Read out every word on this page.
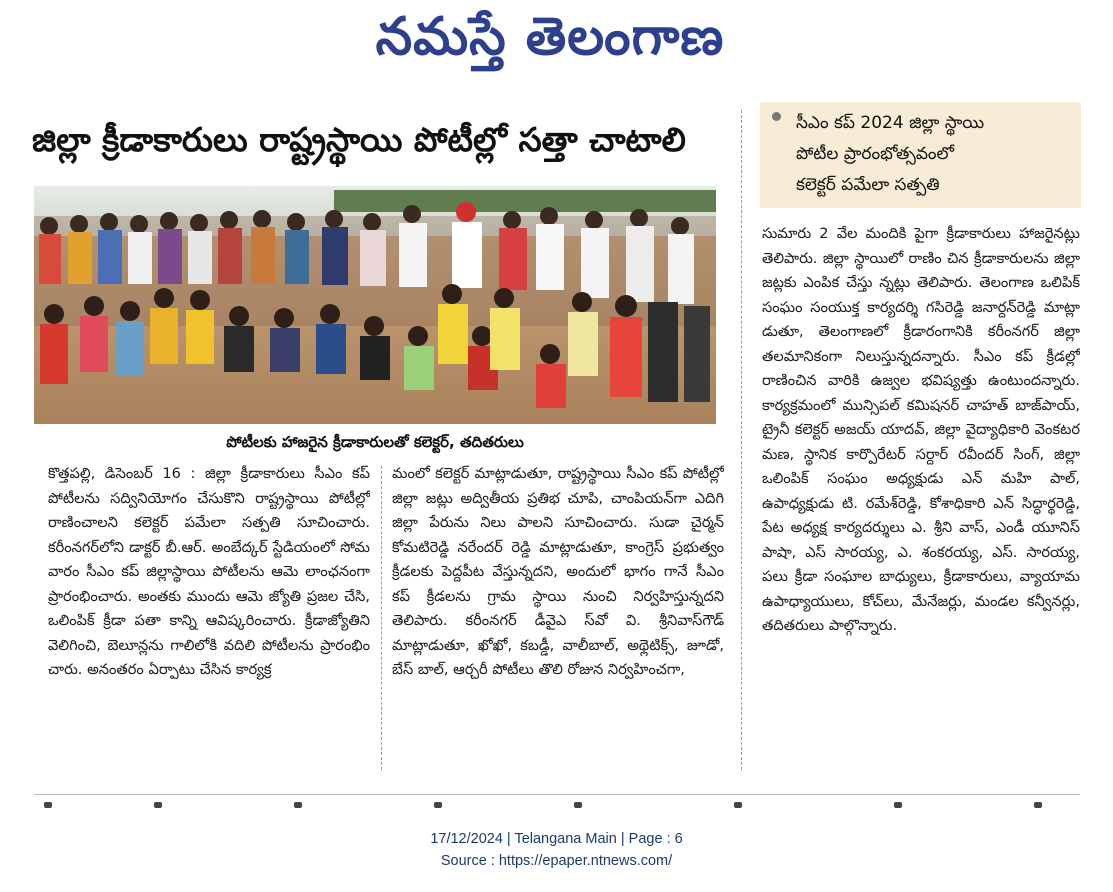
నమస్తే తెలంగాణ
జిల్లా క్రీడాకారులు రాష్ట్రస్థాయి పోటీల్లో సత్తా చాటాలి	సీఎం కప్ 2024 జిల్లా స్థాయి
పోటీల ప్రారంభోత్సవంలో
కలెక్టర్ పమేలా సత్పతి
పోటీలకు హాజరైన క్రీడాకారులతో కలెక్టర్, తదితరులు

కొత్తపల్లి, డిసెంబర్ 16 : జిల్లా క్రీడాకారులు సీఎం కప్ పోటీలను సద్వినియోగం చేసుకొని రాష్ట్రస్థాయి పోటీల్లో రాణించాలని కలెక్టర్ పమేలా సత్పతి సూచించారు. కరీంనగర్‌లోని డాక్టర్ బీ.ఆర్. అంబేద్కర్ స్టేడియంలో సోమ వారం సీఎం కప్ జిల్లాస్థాయి పోటీలను ఆమె లాంఛనంగా ప్రారంభించారు. అంతకు ముందు ఆమె జ్యోతి ప్రజల చేసి, ఒలింపిక్ క్రీడా పతా కాన్ని ఆవిష్కరించారు. క్రీడాజ్యోతిని వెలిగించి, బెలూన్లను గాలిలోకి వదిలి పోటీలను ప్రారంభిం చారు. అనంతరం ఏర్పాటు చేసిన కార్యక్ర

మంలో కలెక్టర్ మాట్లాడుతూ, రాష్ట్రస్థాయి సీఎం కప్ పోటీల్లో జిల్లా జట్లు అద్వితీయ ప్రతిభ చూపి, చాంపియన్‌గా ఎదిగి జిల్లా పేరును నిలు పాలని సూచించారు. సుడా చైర్మన్ కోమటిరెడ్డి నరేందర్ రెడ్డి మాట్లాడుతూ, కాంగ్రెస్ ప్రభుత్వం క్రీడలకు పెద్దపీట వేస్తున్నదని, అందులో భాగం గానే సీఎం కప్ క్రీడలను గ్రామ స్థాయి నుంచి నిర్వహిస్తున్నదని తెలిపారు. కరీంనగర్ డీవైఎ స్‌వో వి. శ్రీనివాస్‌గౌడ్ మాట్లాడుతూ, ఖోఖో, కబడ్డీ, వాలీబాల్, అథ్లెటిక్స్, జూడో, బేస్ బాల్, ఆర్చరీ పోటీలు తొలి రోజున నిర్వహించగా,

సుమారు 2 వేల మందికి పైగా క్రీడాకారులు హాజరైనట్లు తెలిపారు. జిల్లా స్థాయిలో రాణిం చిన క్రీడాకారులను జిల్లా జట్లకు ఎంపిక చేస్తు న్నట్లు తెలిపారు. తెలంగాణ ఒలిపిక్ సంఘం సంయుక్త కార్యదర్శి గసిరెడ్డి జనార్దన్‌రెడ్డి మాట్లా డుతూ, తెలంగాణలో క్రీడారంగానికి కరీంనగర్ జిల్లా తలమానికంగా నిలుస్తున్నదన్నారు. సీఎం కప్ క్రీడల్లో రాణించిన వారికి ఉజ్వల భవిష్యత్తు ఉంటుందన్నారు. కార్యక్రమంలో మున్సిపల్ కమిషనర్ చాహత్ బాజ్‌పాయ్, ట్రైనీ కలెక్టర్ అజయ్ యాదవ్, జిల్లా వైద్యాధికారి వెంకటర మణ, స్థానిక కార్పొరేటర్ సర్దార్ రవీందర్ సింగ్, జిల్లా ఒలింపిక్ సంఘం అధ్యక్షుడు ఎన్ మహి పాల్, ఉపాధ్యక్షుడు టి. రమేశ్‌రెడ్డి, కోశాధికారి ఎన్ సిద్ధార్థరెడ్డి, పేట అధ్యక్ష కార్యదర్శులు ఎ. శ్రీని వాస్, ఎండీ యూనిస్ పాషా, ఎస్ సారయ్య, ఎ. శంకరయ్య, ఎస్. సారయ్య, పలు క్రీడా సంఘాల బాధ్యులు, క్రీడాకారులు, వ్యాయామ ఉపాధ్యాయులు, కోచ్‌లు, మేనేజర్లు, మండల కన్వీనర్లు, తదితరులు పాల్గొన్నారు.

17/12/2024 | Telangana Main | Page : 6
Source : https://epaper.ntnews.com/
